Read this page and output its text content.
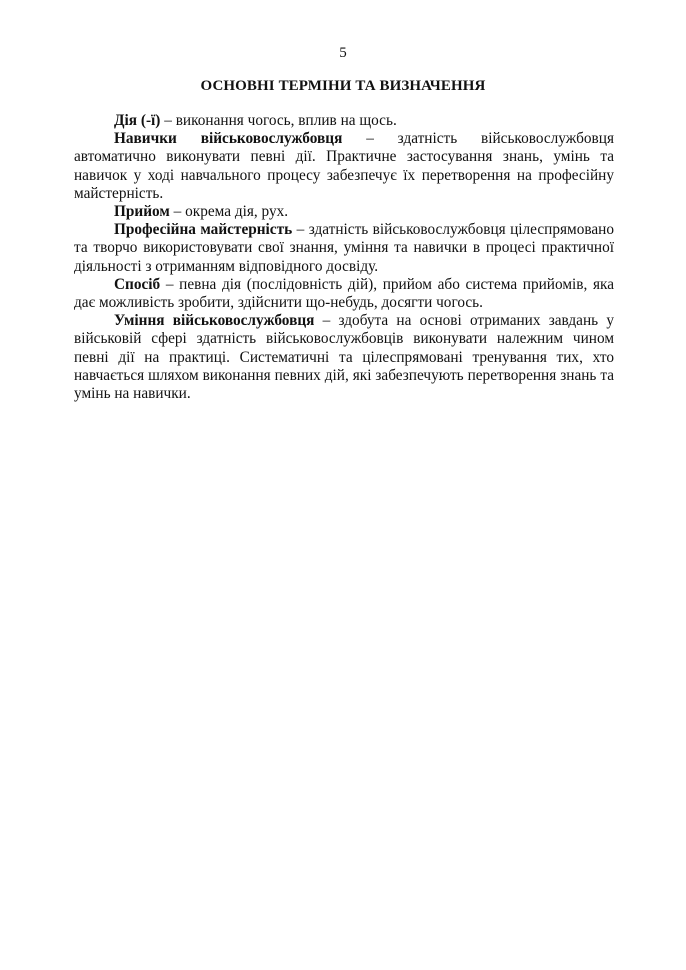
5
ОСНОВНІ ТЕРМІНИ ТА ВИЗНАЧЕННЯ

Дія (-ї) – виконання чогось, вплив на щось.

Навички військовослужбовця – здатність військовослужбовця автоматично виконувати певні дії. Практичне застосування знань, умінь та навичок у ході навчального процесу забезпечує їх перетворення на професійну майстерність.

Прийом – окрема дія, рух.

Професійна майстерність – здатність військовослужбовця цілеспрямовано та творчо використовувати свої знання, уміння та навички в процесі практичної діяльності з отриманням відповідного досвіду.

Спосіб – певна дія (послідовність дій), прийом або система прийомів, яка дає можливість зробити, здійснити що-небудь, досягти чогось.

Уміння військовослужбовця – здобута на основі отриманих завдань у військовій сфері здатність військовослужбовців виконувати належним чином певні дії на практиці. Систематичні та цілеспрямовані тренування тих, хто навчається шляхом виконання певних дій, які забезпечують перетворення знань та умінь на навички.
